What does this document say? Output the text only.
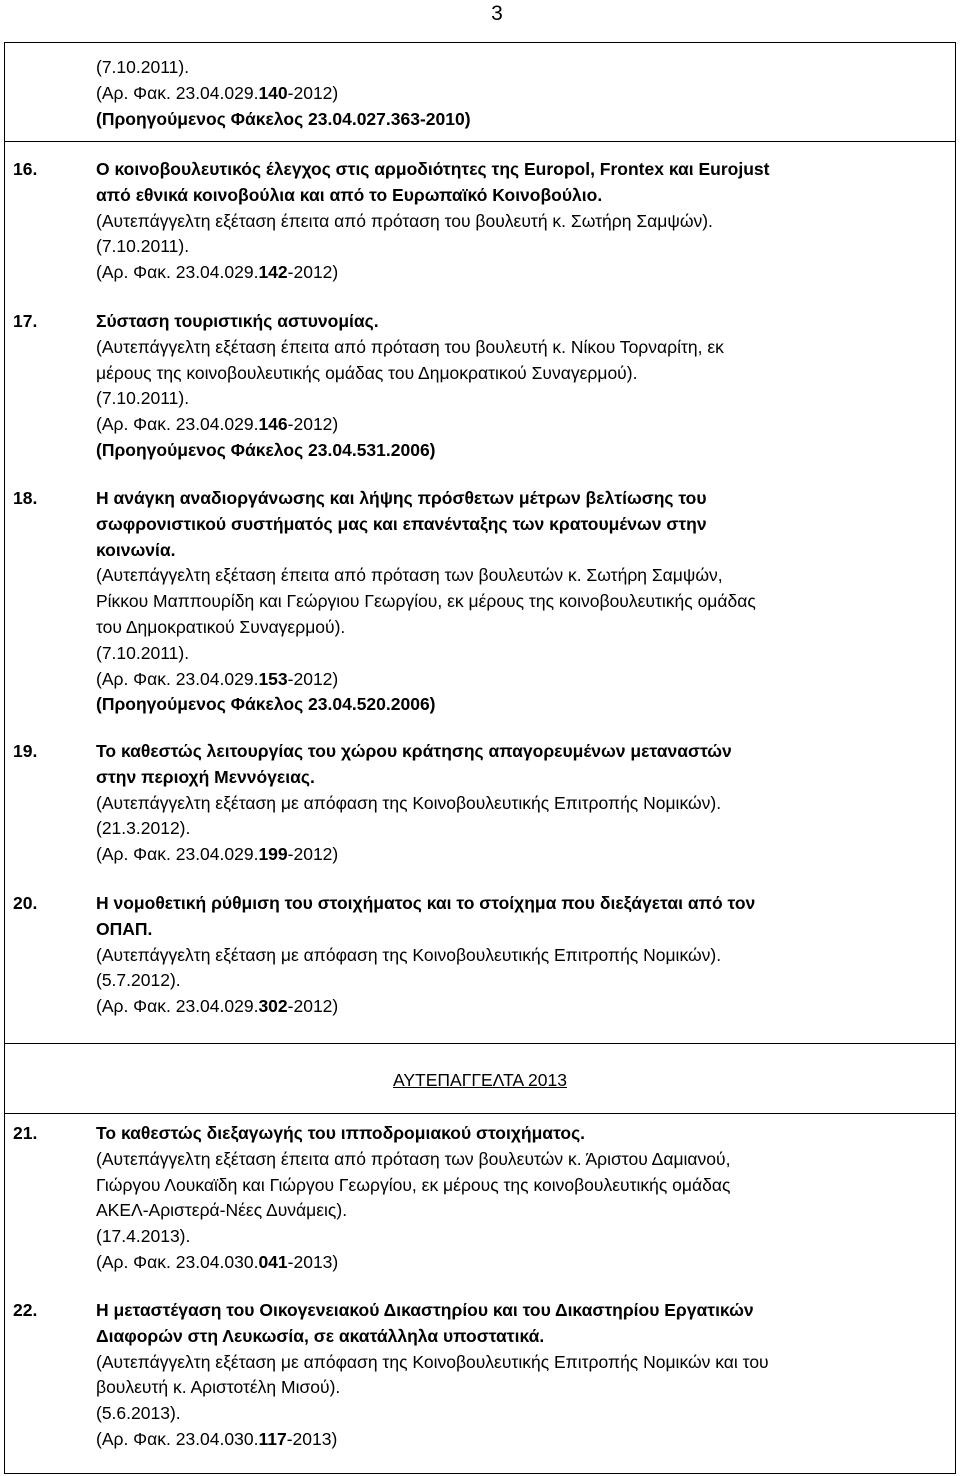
3
(7.10.2011).
(Αρ. Φακ. 23.04.029.140-2012)
(Προηγούμενος Φάκελος 23.04.027.363-2010)
16.	Ο κοινοβουλευτικός έλεγχος στις αρμοδιότητες της Europol, Frontex και Eurojust
από εθνικά κοινοβούλια και από το Ευρωπαϊκό Κοινοβούλιο.
(Αυτεπάγγελτη εξέταση έπειτα από πρόταση του βουλευτή κ. Σωτήρη Σαμψών).
(7.10.2011).
(Αρ. Φακ. 23.04.029.142-2012)
17.	Σύσταση τουριστικής αστυνομίας.
(Αυτεπάγγελτη εξέταση έπειτα από πρόταση του βουλευτή κ. Νίκου Τορναρίτη, εκ
μέρους της κοινοβουλευτικής ομάδας του Δημοκρατικού Συναγερμού).
(7.10.2011).
(Αρ. Φακ. 23.04.029.146-2012)
(Προηγούμενος Φάκελος 23.04.531.2006)
18.	Η ανάγκη αναδιοργάνωσης και λήψης πρόσθετων μέτρων βελτίωσης του
σωφρονιστικού συστήματός μας και επανένταξης των κρατουμένων στην
κοινωνία.
(Αυτεπάγγελτη εξέταση έπειτα από πρόταση των βουλευτών κ. Σωτήρη Σαμψών,
Ρίκκου Μαππουρίδη και Γεώργιου Γεωργίου, εκ μέρους της κοινοβουλευτικής ομάδας
του Δημοκρατικού Συναγερμού).
(7.10.2011).
(Αρ. Φακ. 23.04.029.153-2012)
(Προηγούμενος Φάκελος 23.04.520.2006)
19.	Το καθεστώς λειτουργίας του χώρου κράτησης απαγορευμένων μεταναστών
στην περιοχή Μεννόγειας.
(Αυτεπάγγελτη εξέταση με απόφαση της Κοινοβουλευτικής Επιτροπής Νομικών).
(21.3.2012).
(Αρ. Φακ. 23.04.029.199-2012)
20.	Η νομοθετική ρύθμιση του στοιχήματος και το στοίχημα που διεξάγεται από τον
ΟΠΑΠ.
(Αυτεπάγγελτη εξέταση με απόφαση της Κοινοβουλευτικής Επιτροπής Νομικών).
(5.7.2012).
(Αρ. Φακ. 23.04.029.302-2012)
ΑΥΤΕΠΑΓΓΕΛΤΑ 2013
21.	Το καθεστώς διεξαγωγής του ιπποδρομιακού στοιχήματος.
(Αυτεπάγγελτη εξέταση έπειτα από πρόταση των βουλευτών κ. Άριστου Δαμιανού,
Γιώργου Λουκαϊδη και Γιώργου Γεωργίου, εκ μέρους της κοινοβουλευτικής ομάδας
ΑΚΕΛ-Αριστερά-Νέες Δυνάμεις).
(17.4.2013).
(Αρ. Φακ. 23.04.030.041-2013)
22.	Η μεταστέγαση του Οικογενειακού Δικαστηρίου και του Δικαστηρίου Εργατικών
Διαφορών στη Λευκωσία, σε ακατάλληλα υποστατικά.
(Αυτεπάγγελτη εξέταση με απόφαση της Κοινοβουλευτικής Επιτροπής Νομικών και του
βουλευτή κ. Αριστοτέλη Μισού).
(5.6.2013).
(Αρ. Φακ. 23.04.030.117-2013)
